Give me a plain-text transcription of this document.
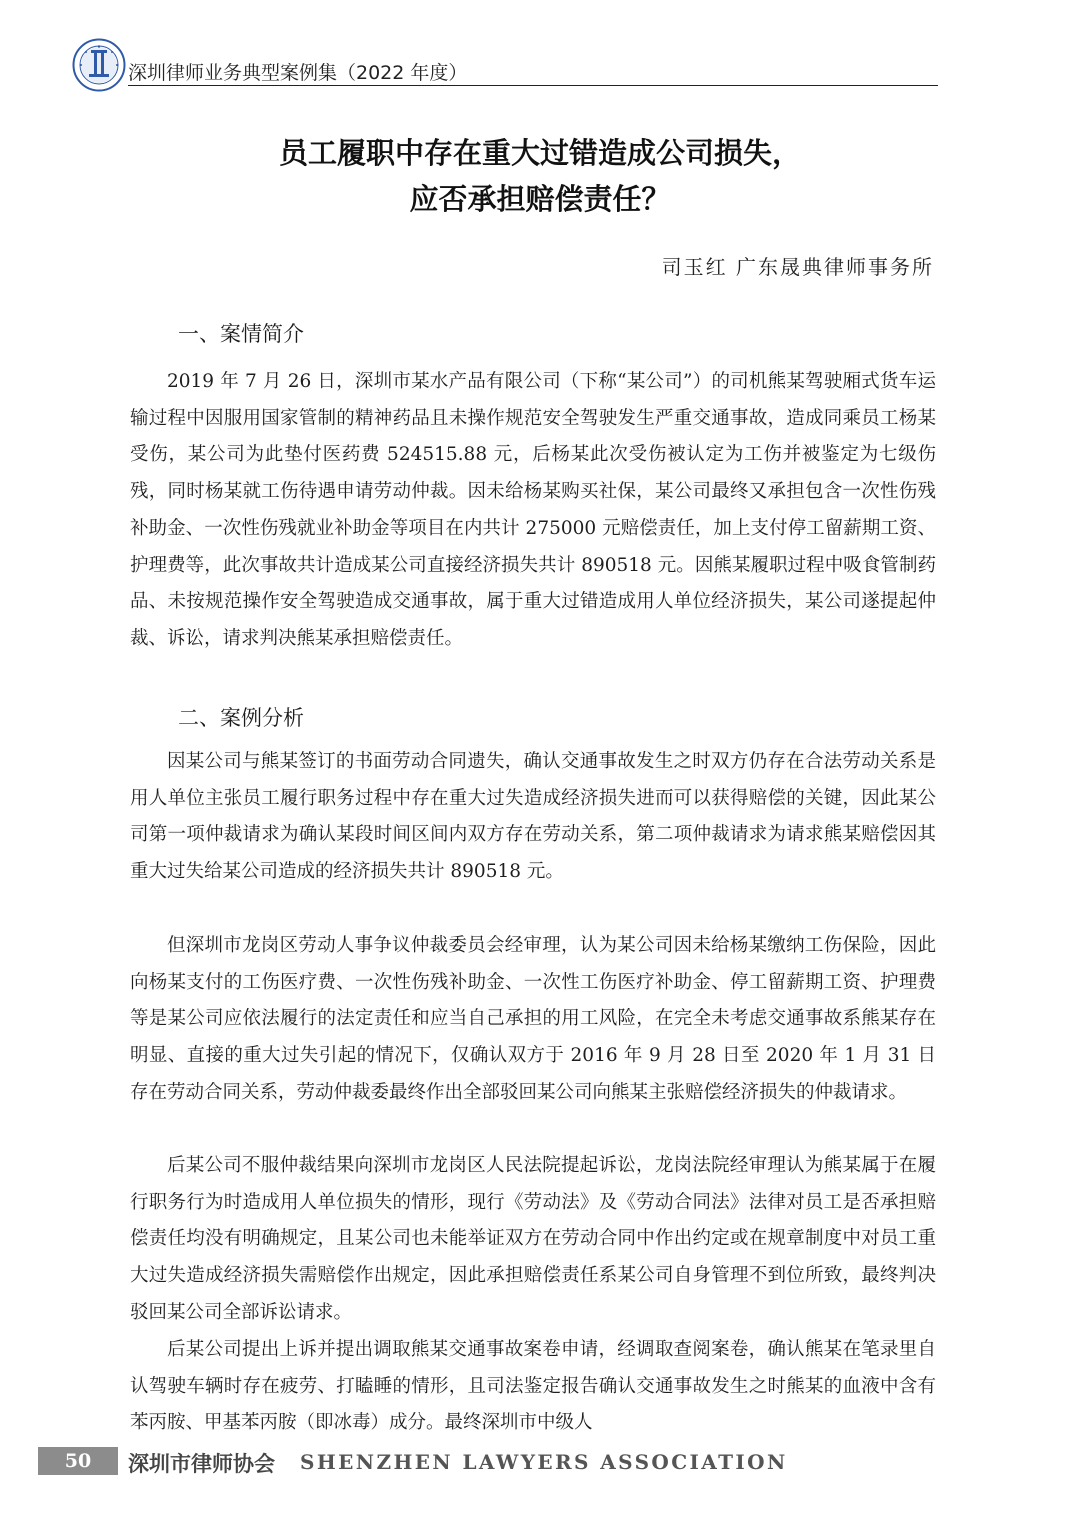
深圳律师业务典型案例集（2022 年度）
员工履职中存在重大过错造成公司损失，
应否承担赔偿责任？
司玉红 广东晟典律师事务所
一、案情简介

2019 年 7 月 26 日，深圳市某水产品有限公司（下称“某公司”）的司机熊某驾驶厢式货车运输过程中因服用国家管制的精神药品且未操作规范安全驾驶发生严重交通事故，造成同乘员工杨某受伤，某公司为此垫付医药费 524515.88 元，后杨某此次受伤被认定为工伤并被鉴定为七级伤残，同时杨某就工伤待遇申请劳动仲裁。因未给杨某购买社保，某公司最终又承担包含一次性伤残补助金、一次性伤残就业补助金等项目在内共计 275000 元赔偿责任，加上支付停工留薪期工资、护理费等，此次事故共计造成某公司直接经济损失共计 890518 元。因熊某履职过程中吸食管制药品、未按规范操作安全驾驶造成交通事故，属于重大过错造成用人单位经济损失，某公司遂提起仲裁、诉讼，请求判决熊某承担赔偿责任。

二、案例分析

因某公司与熊某签订的书面劳动合同遗失，确认交通事故发生之时双方仍存在合法劳动关系是用人单位主张员工履行职务过程中存在重大过失造成经济损失进而可以获得赔偿的关键，因此某公司第一项仲裁请求为确认某段时间区间内双方存在劳动关系，第二项仲裁请求为请求熊某赔偿因其重大过失给某公司造成的经济损失共计 890518 元。

但深圳市龙岗区劳动人事争议仲裁委员会经审理，认为某公司因未给杨某缴纳工伤保险，因此向杨某支付的工伤医疗费、一次性伤残补助金、一次性工伤医疗补助金、停工留薪期工资、护理费等是某公司应依法履行的法定责任和应当自己承担的用工风险，在完全未考虑交通事故系熊某存在明显、直接的重大过失引起的情况下，仅确认双方于 2016 年 9 月 28 日至 2020 年 1 月 31 日存在劳动合同关系，劳动仲裁委最终作出全部驳回某公司向熊某主张赔偿经济损失的仲裁请求。

后某公司不服仲裁结果向深圳市龙岗区人民法院提起诉讼，龙岗法院经审理认为熊某属于在履行职务行为时造成用人单位损失的情形，现行《劳动法》及《劳动合同法》法律对员工是否承担赔偿责任均没有明确规定，且某公司也未能举证双方在劳动合同中作出约定或在规章制度中对员工重大过失造成经济损失需赔偿作出规定，因此承担赔偿责任系某公司自身管理不到位所致，最终判决驳回某公司全部诉讼请求。

后某公司提出上诉并提出调取熊某交通事故案卷申请，经调取查阅案卷，确认熊某在笔录里自认驾驶车辆时存在疲劳、打瞌睡的情形，且司法鉴定报告确认交通事故发生之时熊某的血液中含有苯丙胺、甲基苯丙胺（即冰毒）成分。最终深圳市中级人

50	深圳市律师协会 SHENZHEN LAWYERS ASSOCIATION
